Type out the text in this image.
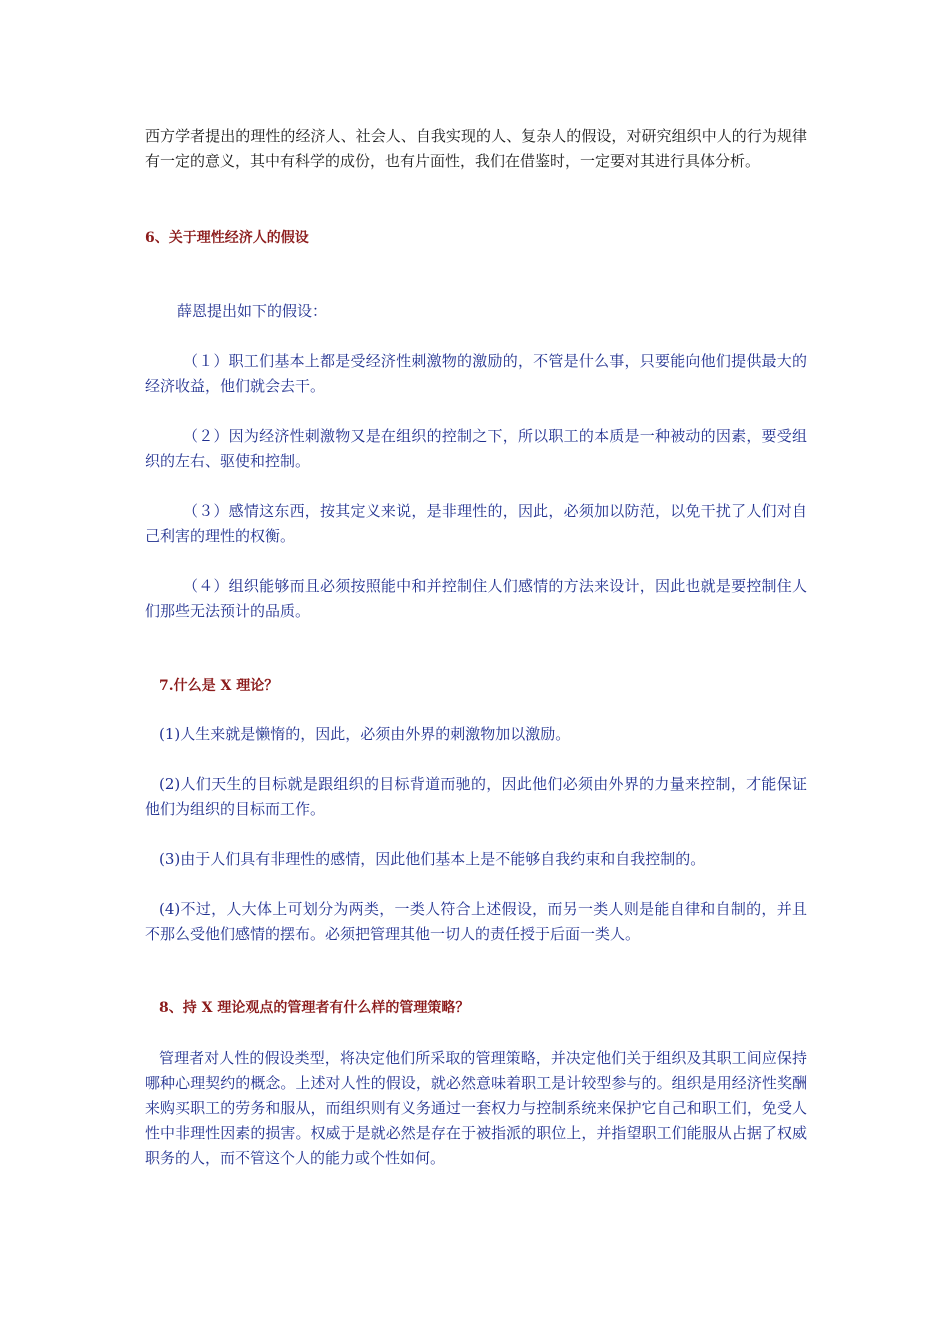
西方学者提出的理性的经济人、社会人、自我实现的人、复杂人的假设，对研究组织中人的行为规律有一定的意义，其中有科学的成份，也有片面性，我们在借鉴时，一定要对其进行具体分析。

6、关于理性经济人的假设

薛恩提出如下的假设：

（１）职工们基本上都是受经济性刺激物的激励的，不管是什么事，只要能向他们提供最大的经济收益，他们就会去干。

（２）因为经济性刺激物又是在组织的控制之下，所以职工的本质是一种被动的因素，要受组织的左右、驱使和控制。

（３）感情这东西，按其定义来说，是非理性的，因此，必须加以防范，以免干扰了人们对自己利害的理性的权衡。

（４）组织能够而且必须按照能中和并控制住人们感情的方法来设计，因此也就是要控制住人们那些无法预计的品质。

7.什么是 X 理论？

(1)人生来就是懒惰的，因此，必须由外界的刺激物加以激励。

(2)人们天生的目标就是跟组织的目标背道而驰的，因此他们必须由外界的力量来控制，才能保证他们为组织的目标而工作。

(3)由于人们具有非理性的感情，因此他们基本上是不能够自我约束和自我控制的。

(4)不过，人大体上可划分为两类，一类人符合上述假设，而另一类人则是能自律和自制的，并且不那么受他们感情的摆布。必须把管理其他一切人的责任授于后面一类人。

8、持 X 理论观点的管理者有什么样的管理策略？

管理者对人性的假设类型，将决定他们所采取的管理策略，并决定他们关于组织及其职工间应保持哪种心理契约的概念。上述对人性的假设，就必然意味着职工是计较型参与的。组织是用经济性奖酬来购买职工的劳务和服从，而组织则有义务通过一套权力与控制系统来保护它自己和职工们，免受人性中非理性因素的损害。权威于是就必然是存在于被指派的职位上，并指望职工们能服从占据了权威职务的人，而不管这个人的能力或个性如何。
